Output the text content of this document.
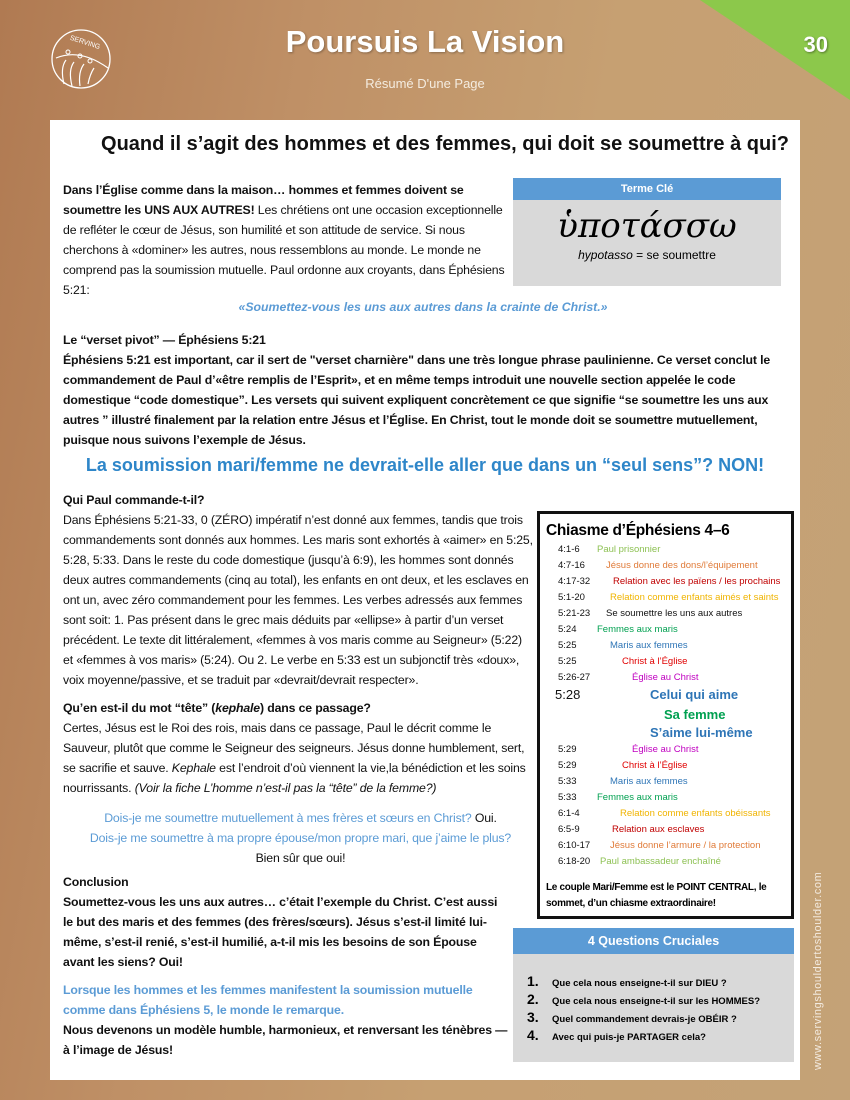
30
SERVING	Poursuis La Vision
Résumé D'une Page
Quand il s’agit des hommes et des femmes, qui doit se soumettre à qui?
Dans l’Église comme dans la maison… hommes et femmes doivent se soumettre les UNS AUX AUTRES! Les chrétiens ont une occasion exceptionnelle de refléter le cœur de Jésus, son humilité et son attitude de service. Si nous cherchons à «dominer» les autres, nous ressemblons au monde. Le monde ne comprend pas la soumission mutuelle. Paul ordonne aux croyants, dans Éphésiens 5:21:
Terme Clé
ὑποτάσσω
hypotasso = se soumettre
«Soumettez-vous les uns aux autres dans la crainte de Christ.»
Le “verset pivot” — Éphésiens 5:21
Éphésiens 5:21 est important, car il sert de "verset charnière" dans une très longue phrase paulinienne. Ce verset conclut le commandement de Paul d’«être remplis de l’Esprit», et en même temps introduit une nouvelle section appelée le code domestique “code domestique”. Les versets qui suivent expliquent concrètement ce que signifie “se soumettre les uns aux autres ” illustré finalement par la relation entre Jésus et l’Église. En Christ, tout le monde doit se soumettre mutuellement, puisque nous suivons l’exemple de Jésus.
La soumission mari/femme ne devrait-elle aller que dans un “seul sens”? NON!
Qui Paul commande-t-il?
Dans Éphésiens 5:21-33, 0 (ZÉRO) impératif n’est donné aux femmes, tandis que trois commandements sont donnés aux hommes. Les maris sont exhortés à «aimer» en 5:25, 5:28, 5:33. Dans le reste du code domestique (jusqu’à 6:9), les hommes sont donnés deux autres commandements (cinq au total), les enfants en ont deux, et les esclaves en ont un, avec zéro commandement pour les femmes. Les verbes adressés aux femmes sont soit: 1. Pas présent dans le grec mais déduits par «ellipse» à partir d’un verset précédent. Le texte dit littéralement, «femmes à vos maris comme au Seigneur» (5:22) et «femmes à vos maris» (5:24). Ou 2. Le verbe en 5:33 est un subjonctif très «doux», voix moyenne/passive, et se traduit par «devrait/devrait respecter».
Qu’en est-il du mot “tête” (kephale) dans ce passage?
Certes, Jésus est le Roi des rois, mais dans ce passage, Paul le décrit comme le Sauveur, plutôt que comme le Seigneur des seigneurs. Jésus donne humblement, sert, se sacrifie et sauve. Kephale est l’endroit d’où viennent la vie,la bénédiction et les soins nourrissants. (Voir la fiche L’homme n’est-il pas la “tête” de la femme?)
Dois-je me soumettre mutuellement à mes frères et sœurs en Christ? Oui.
Dois-je me soumettre à ma propre épouse/mon propre mari, que j’aime le plus?
Bien sûr que oui!
Conclusion
Soumettez-vous les uns aux autres… c’était l’exemple du Christ. C’est aussi le but des maris et des femmes (des frères/sœurs). Jésus s’est-il limité lui-même, s’est-il renié, s’est-il humilié, a-t-il mis les besoins de son Épouse avant les siens? Oui!
Lorsque les hommes et les femmes manifestent la soumission mutuelle comme dans Éphésiens 5, le monde le remarque.
Nous devenons un modèle humble, harmonieux, et renversant les ténèbres — à l’image de Jésus!
Chiasme d’Éphésiens 4–6
4:1-6 Paul prisonnier
4:7-16 Jésus donne des dons/l’équipement
4:17-32 Relation avec les païens / les prochains
5:1-20	Relation comme enfants aimés et saints
5:21-23 Se soumettre les uns aux autres
5:24 Femmes aux maris
5:25	Maris aux femmes
5:25	Christ à l’Église
5:26-27	Église au Christ
5:28	Celui qui aime
Sa femme
S’aime lui-même
5:29	Église au Christ
5:29	Christ à l’Église
5:33	Maris aux femmes
5:33 Femmes aux maris
6:1-4	Relation comme enfants obéissants
6:5-9	Relation aux esclaves
6:10-17 Jésus donne l’armure / la protection
6:18-20 Paul ambassadeur enchaîné
Le couple Mari/Femme est le POINT CENTRAL, le sommet, d’un chiasme extraordinaire!
4 Questions Cruciales
1. Que cela nous enseigne-t-il sur DIEU ?
2. Que cela nous enseigne-t-il sur les HOMMES?
3. Quel commandement devrais-je OBÉIR ?
4. Avec qui puis-je PARTAGER cela?	www.servingshouldertoshoulder.com
